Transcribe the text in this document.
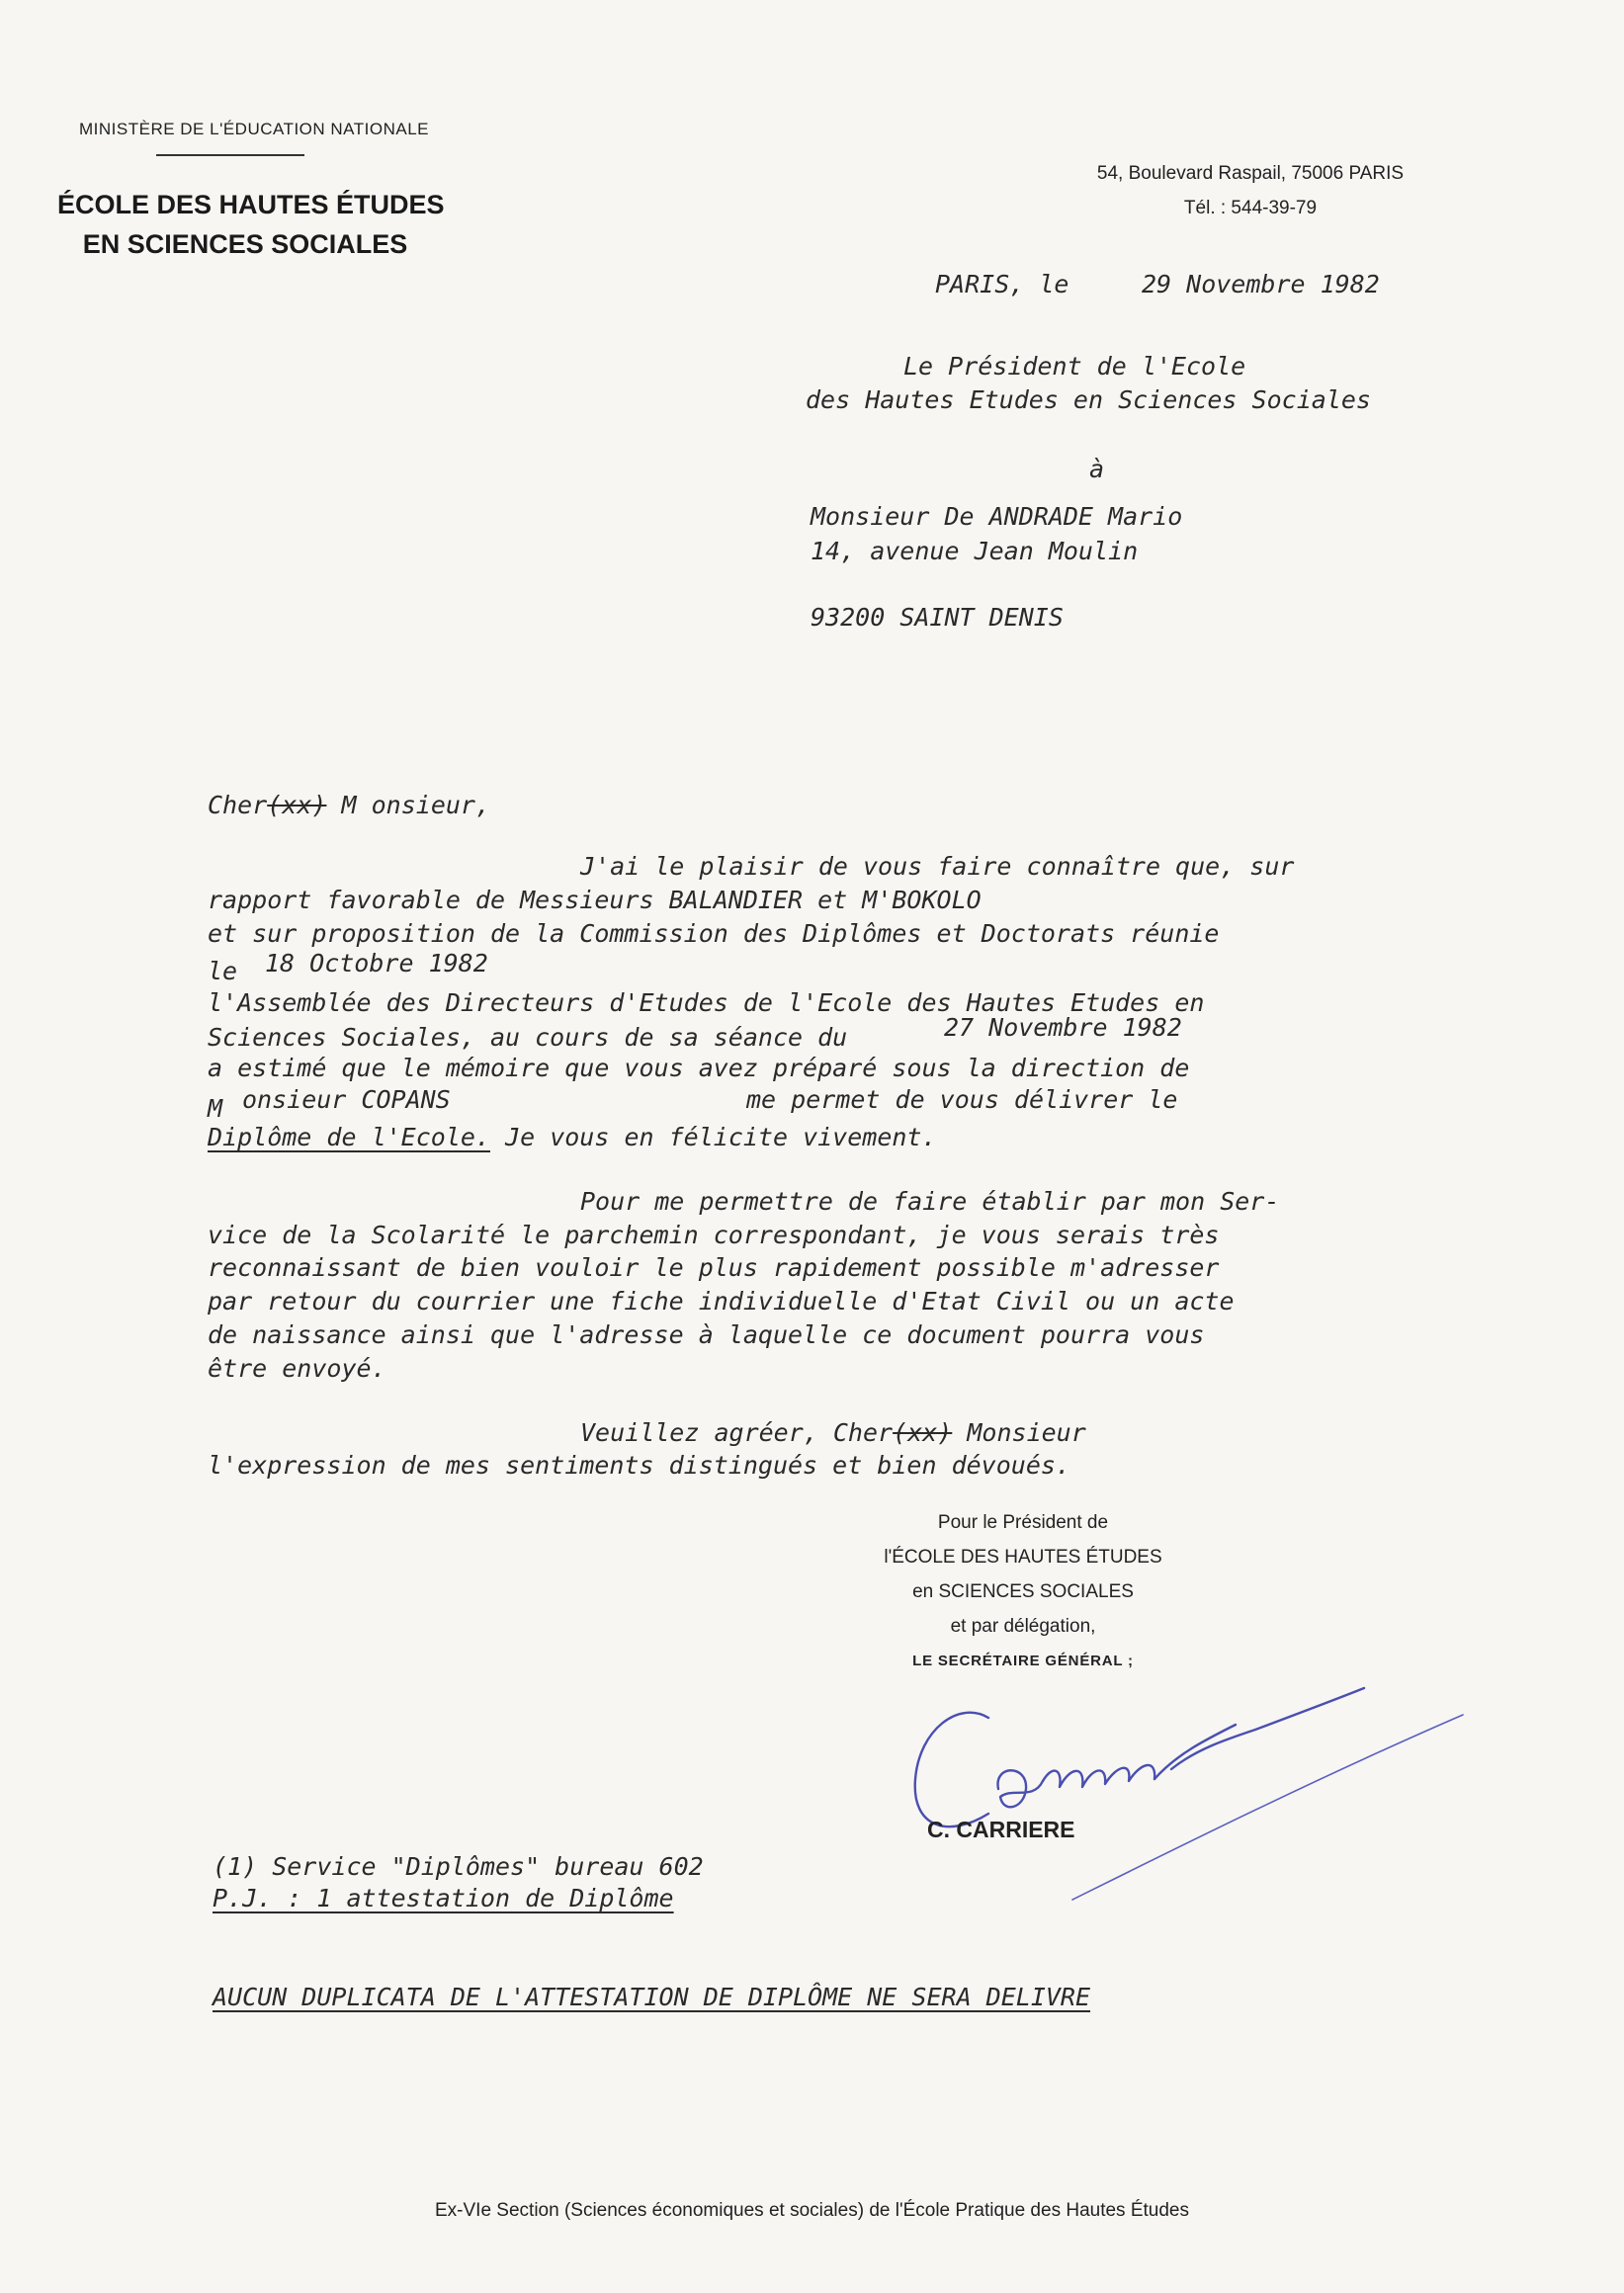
MINISTÈRE DE L'ÉDUCATION NATIONALE
ÉCOLE DES HAUTES ÉTUDES
EN SCIENCES SOCIALES
54, Boulevard Raspail, 75006 PARIS
Tél. : 544-39-79
PARIS, le	29 Novembre 1982
Le Président de l'Ecole
des Hautes Etudes en Sciences Sociales
à
Monsieur De ANDRADE Mario
14, avenue Jean Moulin
93200 SAINT DENIS
Cher(xx) M onsieur,
J'ai le plaisir de vous faire connaître que, sur
rapport favorable de Messieurs BALANDIER et M'BOKOLO
et sur proposition de la Commission des Diplômes et Doctorats réunie
le 18 Octobre 1982
l'Assemblée des Directeurs d'Etudes de l'Ecole des Hautes Etudes en
Sciences Sociales, au cours de sa séance du	27 Novembre 1982
a estimé que le mémoire que vous avez préparé sous la direction de
M onsieur COPANS	me permet de vous délivrer le
Diplôme de l'Ecole. Je vous en félicite vivement.
Pour me permettre de faire établir par mon Ser-
vice de la Scolarité le parchemin correspondant, je vous serais très
reconnaissant de bien vouloir le plus rapidement possible m'adresser
par retour du courrier une fiche individuelle d'Etat Civil ou un acte
de naissance ainsi que l'adresse à laquelle ce document pourra vous
être envoyé.
Veuillez agréer, Cher(xx) Monsieur
l'expression de mes sentiments distingués et bien dévoués.
Pour le Président de
l'ÉCOLE DES HAUTES ÉTUDES
en SCIENCES SOCIALES
et par délégation,
LE SECRÉTAIRE GÉNÉRAL ;
C. CARRIERE
(1) Service "Diplômes" bureau 602
P.J. : 1 attestation de Diplôme
AUCUN DUPLICATA DE L'ATTESTATION DE DIPLÔME NE SERA DELIVRE
Ex-VIe Section (Sciences économiques et sociales) de l'École Pratique des Hautes Études
